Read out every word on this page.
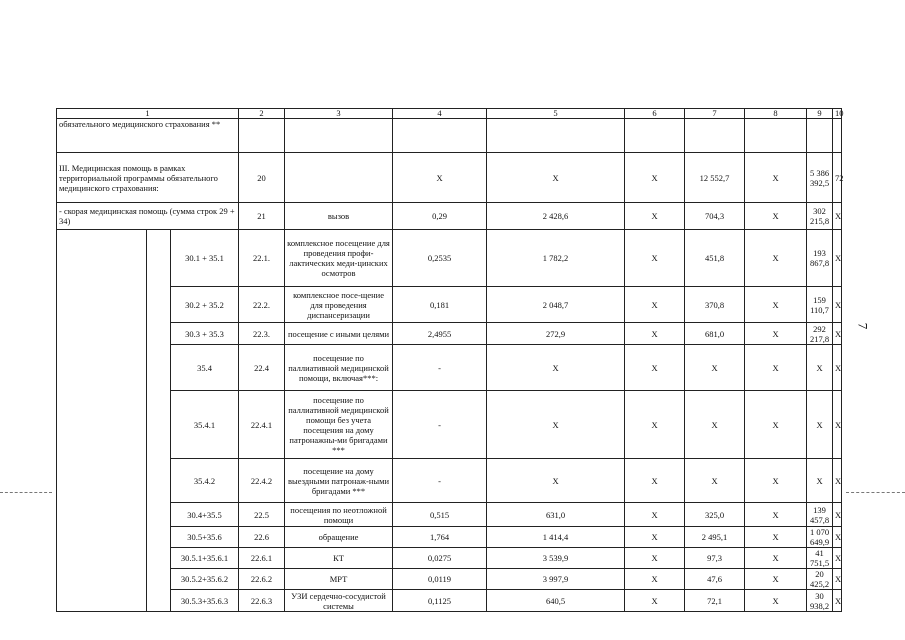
7
1			2	3	4	5	6	7	8	9	10
обязательного медицинского страхования **											
III. Медицинская помощь в рамках территориальной программы обязательного медицинского страхования:			20		X	X	X	12 552,7	X	5 386 392,5	72
- скорая медицинская помощь (сумма строк 29 + 34)			21	вызов	0,29	2 428,6	X	704,3	X	302 215,8	X
		30.1 + 35.1	22.1.	комплексное посещение для проведения профи-лактических меди-цинских осмотров	0,2535	1 782,2	X	451,8	X	193 867,8	X
		30.2 + 35.2	22.2.	комплексное посе-щение для проведения диспансеризации	0,181	2 048,7	X	370,8	X	159 110,7	X
		30.3 + 35.3	22.3.	посещение с иными целями	2,4955	272,9	X	681,0	X	292 217,8	X
		35.4	22.4	посещение по паллиативной медицинской помощи, включая***:	-	X	X	X	X	X	X
		35.4.1	22.4.1	посещение по паллиативной медицинской помощи без учета посещения на дому патронажны-ми бригадами ***	-	X	X	X	X	X	X
		35.4.2	22.4.2	посещение на дому выездными патронаж-ными бригадами ***	-	X	X	X	X	X	X
		30.4+35.5	22.5	посещения по неотложной помощи	0,515	631,0	X	325,0	X	139 457,8	X
		30.5+35.6	22.6	обращение	1,764	1 414,4	X	2 495,1	X	1 070 649,9	X
		30.5.1+35.6.1	22.6.1	КТ	0,0275	3 539,9	X	97,3	X	41 751,5	X
		30.5.2+35.6.2	22.6.2	МРТ	0,0119	3 997,9	X	47,6	X	20 425,2	X
		30.5.3+35.6.3	22.6.3	УЗИ сердечно-сосудистой системы	0,1125	640,5	X	72,1	X	30 938,2	X
